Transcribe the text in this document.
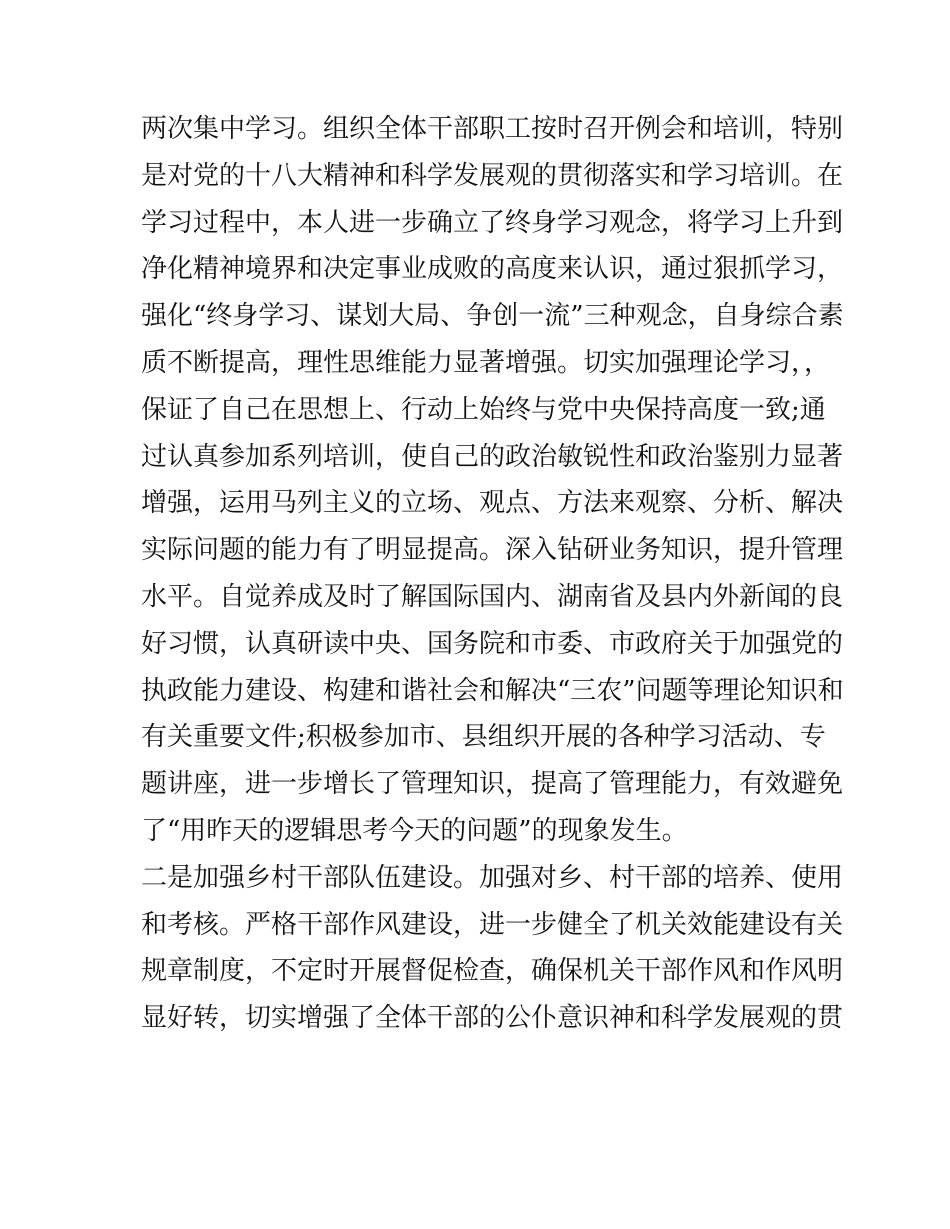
两次集中学习。组织全体干部职工按时召开例会和培训，特别
是对党的十八大精神和科学发展观的贯彻落实和学习培训。在
学习过程中，本人进一步确立了终身学习观念，将学习上升到
净化精神境界和决定事业成败的高度来认识，通过狠抓学习，
强化“终身学习、谋划大局、争创一流”三种观念，自身综合素
质不断提高，理性思维能力显著增强。切实加强理论学习，，
保证了自己在思想上、行动上始终与党中央保持高度一致;通
过认真参加系列培训，使自己的政治敏锐性和政治鉴别力显著
增强，运用马列主义的立场、观点、方法来观察、分析、解决
实际问题的能力有了明显提高。深入钻研业务知识，提升管理
水平。自觉养成及时了解国际国内、湖南省及县内外新闻的良
好习惯，认真研读中央、国务院和市委、市政府关于加强党的
执政能力建设、构建和谐社会和解决“三农”问题等理论知识和
有关重要文件;积极参加市、县组织开展的各种学习活动、专
题讲座，进一步增长了管理知识，提高了管理能力，有效避免
了“用昨天的逻辑思考今天的问题”的现象发生。
二是加强乡村干部队伍建设。加强对乡、村干部的培养、使用
和考核。严格干部作风建设，进一步健全了机关效能建设有关
规章制度，不定时开展督促检查，确保机关干部作风和作风明
显好转，切实增强了全体干部的公仆意识神和科学发展观的贯
